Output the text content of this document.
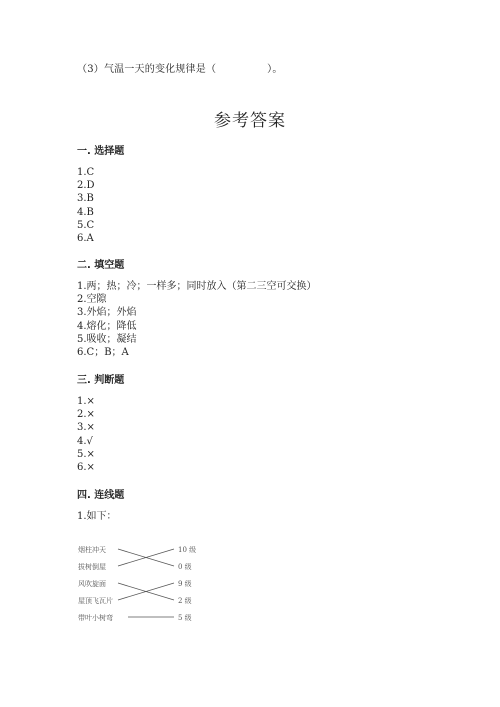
（3）气温一天的变化规律是（　　　　　）。
参考答案
一. 选择题
1.C
2.D
3.B
4.B
5.C
6.A
二. 填空题
1.两；热；冷；一样多；同时放入（第二三空可交换）
2.空隙
3.外焰；外焰
4.熔化；降低
5.吸收；凝结
6.C；B；A
三. 判断题
1.×
2.×
3.×
4.√
5.×
6.×
四. 连线题
1.如下：
烟柱冲天
拔树倒屋
风吹旋面
屋顶飞瓦片
带叶小树弯
10 级
0 级
9 级
2 级
5 级
